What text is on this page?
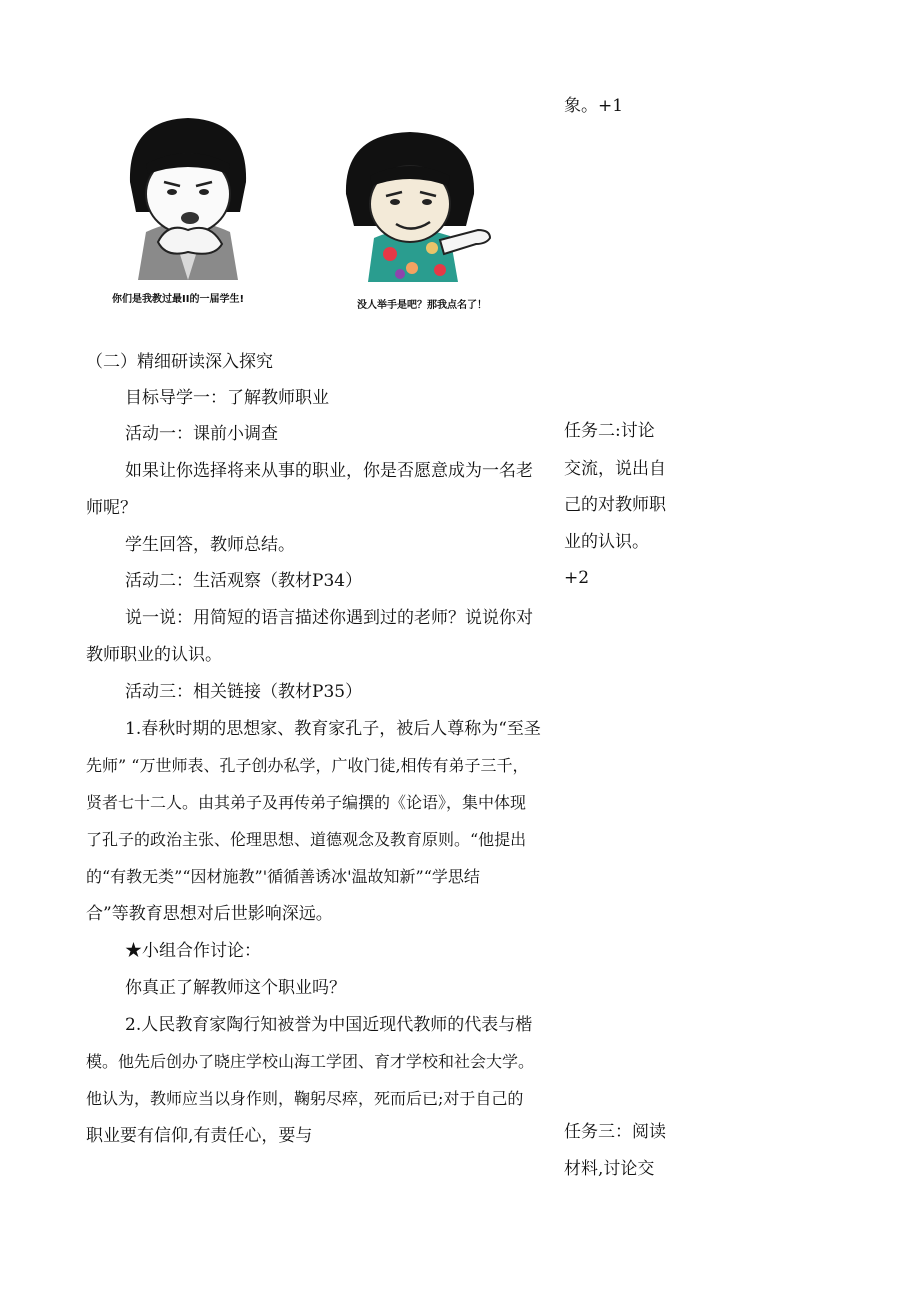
你们是我教过最II的一届学生!
没人举手是吧？那我点名了！
象。+1
任务二:讨论
交流，说出自
己的对教师职
业的认识。
+2
任务三：阅读
材料,讨论交
（二）精细研读深入探究
目标导学一：了解教师职业
活动一：课前小调查
如果让你选择将来从事的职业，你是否愿意成为一名老
师呢？
学生回答，教师总结。
活动二：生活观察（教材P34）
说一说：用简短的语言描述你遇到过的老师？说说你对
教师职业的认识。
活动三：相关链接（教材P35）
1.春秋时期的思想家、教育家孔子，被后人尊称为“至圣
先师” “万世师表、孔子创办私学，广收门徒,相传有弟子三千，
贤者七十二人。由其弟子及再传弟子编撰的《论语》，集中体现
了孔子的政治主张、伦理思想、道德观念及教育原则。“他提出
的“有教无类”“因材施教”'循循善诱冰'温故知新”“学思结
合”等教育思想对后世影响深远。
★小组合作讨论：
你真正了解教师这个职业吗？
2.人民教育家陶行知被誉为中国近现代教师的代表与楷
模。他先后创办了晓庄学校山海工学团、育才学校和社会大学。
他认为，教师应当以身作则，鞠躬尽瘁，死而后已;对于自己的
职业要有信仰,有责任心，要与
